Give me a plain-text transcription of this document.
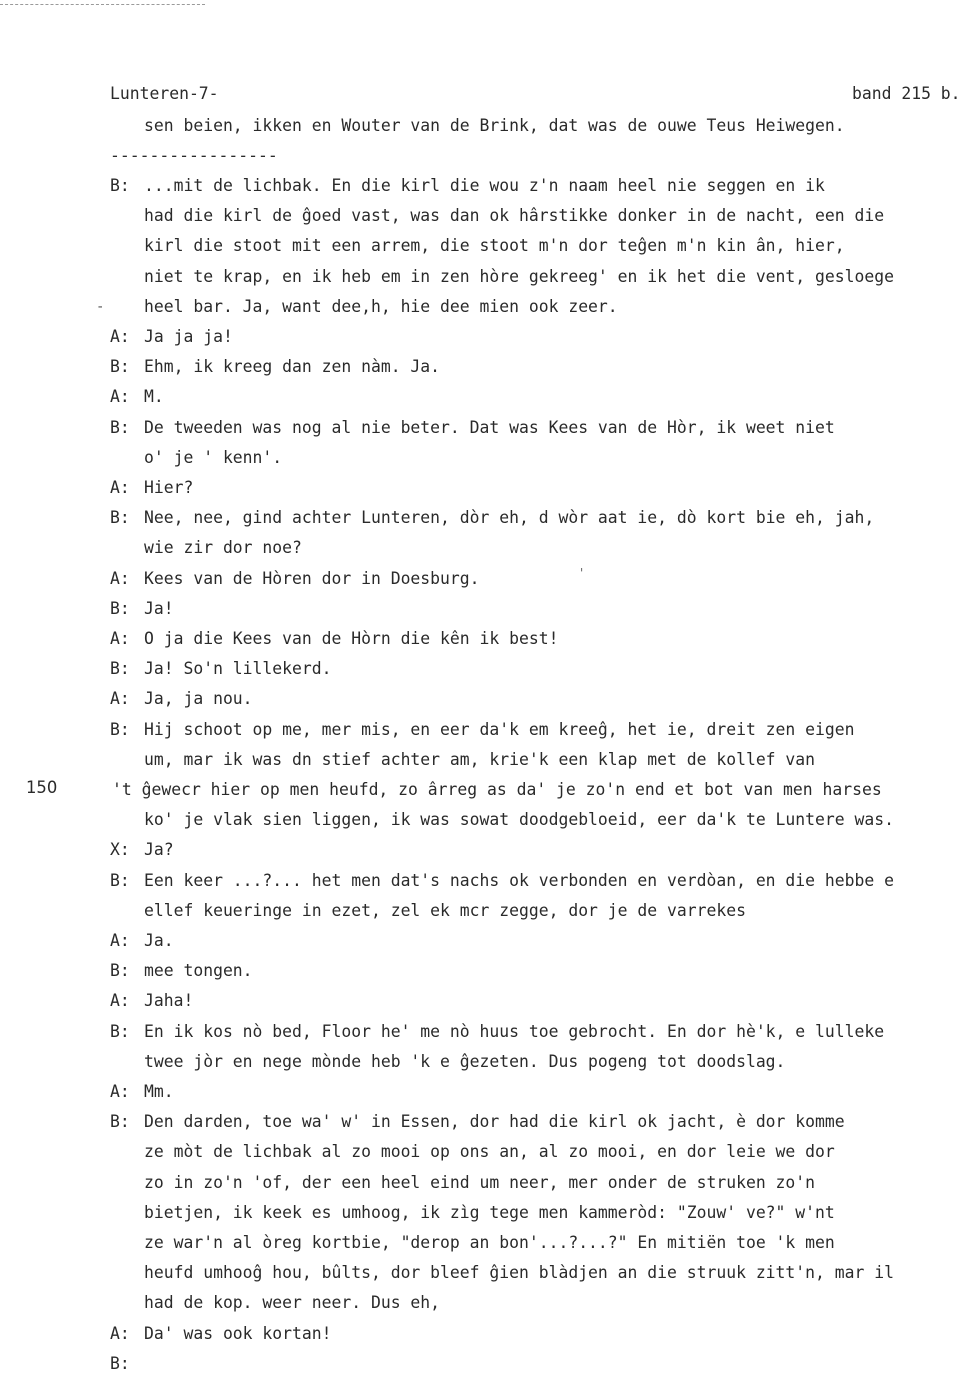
Lunteren-7-	band 215 b.
sen beien, ikken en Wouter van de Brink, dat was de ouwe Teus Heiwegen.
-----------------
150
-
'
B: ...mit de lichbak. En die kirl die wou z'n naam heel nie seggen en ik
had die kirl de ĝoed vast, was dan ok hârstikke donker in de nacht, een die
kirl die stoot mit een arrem, die stoot m'n dor teĝen m'n kin ân, hier,
niet te krap, en ik heb em in zen hòre gekreeg' en ik het die vent, gesloege
heel bar. Ja, want dee,h, hie dee mien ook zeer.
A: Ja ja ja!
B: Ehm, ik kreeg dan zen nàm. Ja.
A: M.
B: De tweeden was nog al nie beter. Dat was Kees van de Hòr, ik weet niet
o' je ' kenn'.
A: Hier?
B: Nee, nee, gind achter Lunteren, dòr eh, d wòr aat ie, dò kort bie eh, jah,
wie zir dor noe?
A: Kees van de Hòren dor in Doesburg.
B: Ja!
A: O ja die Kees van de Hòrn die kên ik best!
B: Ja! So'n lillekerd.
A: Ja, ja nou.
B: Hij schoot op me, mer mis, en eer da'k em kreeĝ, het ie, dreit zen eigen
um, mar ik was dn stief achter am, krie'k een klap met de kollef van
't ĝewecr hier op men heufd, zo ârreg as da' je zo'n end et bot van men harses
ko' je vlak sien liggen, ik was sowat doodgebloeid, eer da'k te Luntere was.
X: Ja?
B: Een keer ...?... het men dat's nachs ok verbonden en verdòan, en die hebbe e
ellef keueringe in ezet, zel ek mcr zegge, dor je de varrekes
A: Ja.
B: mee tongen.
A: Jaha!
B: En ik kos nò bed, Floor he' me nò huus toe gebrocht. En dor hè'k, e lulleke
twee jòr en nege mònde heb 'k e ĝezeten. Dus pogeng tot doodslag.
A: Mm.
B: Den darden, toe wa' w' in Essen, dor had die kirl ok jacht, è dor komme
ze mòt de lichbak al zo mooi op ons an, al zo mooi, en dor leie we dor
zo in zo'n 'of, der een heel eind um neer, mer onder de struken zo'n
bietjen, ik keek es umhoog, ik zìg tege men kammeròd: "Zouw' ve?" w'nt
ze war'n al òreg kortbie, "derop an bon'...?...?" En mitiën toe 'k men
heufd umhooĝ hou, bûlts, dor bleef ĝien blàdjen an die struuk zitt'n, mar il
had de kop. weer neer. Dus eh,
A: Da' was ook kortan!
B:
